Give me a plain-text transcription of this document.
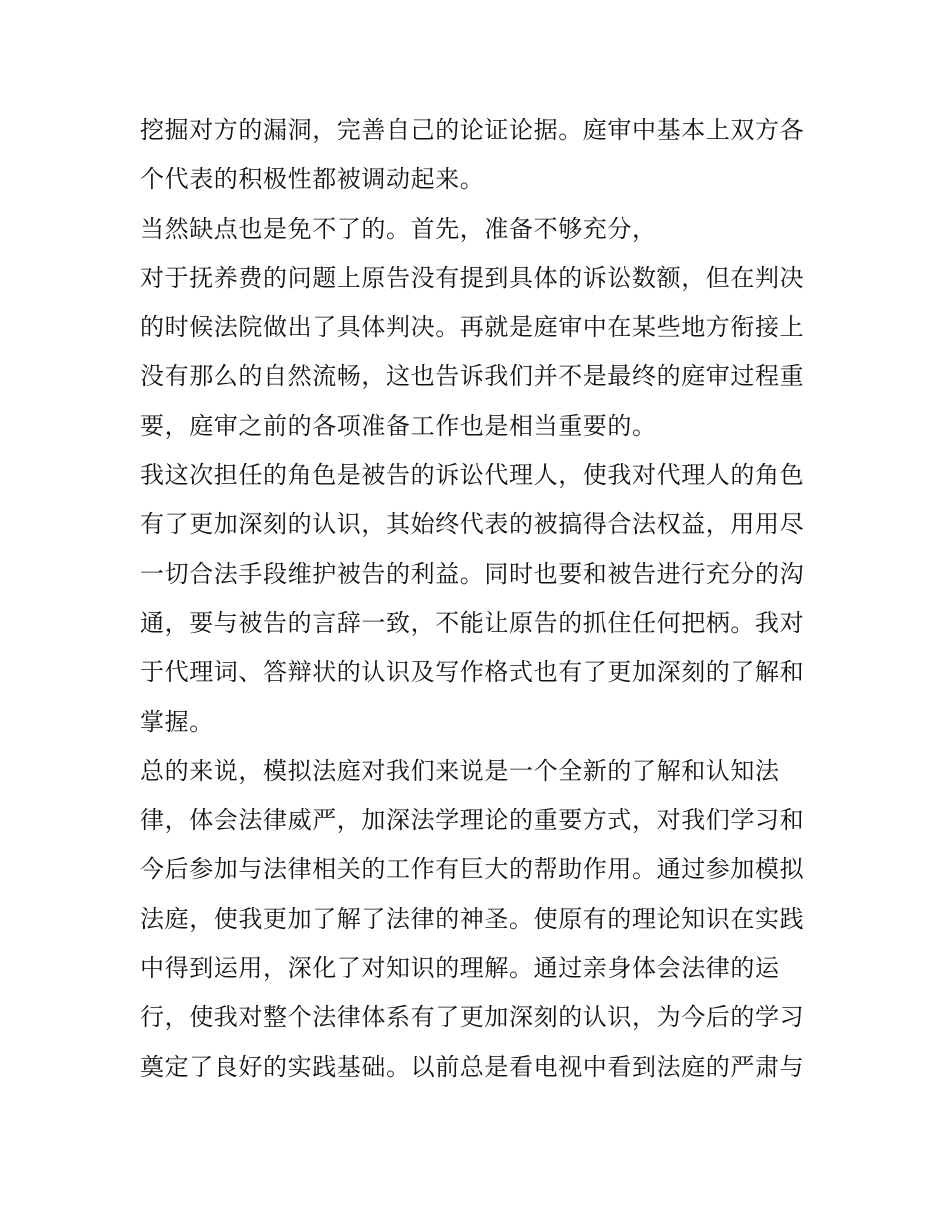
挖掘对方的漏洞，完善自己的论证论据。庭审中基本上双方各
个代表的积极性都被调动起来。
当然缺点也是免不了的。首先，准备不够充分，
对于抚养费的问题上原告没有提到具体的诉讼数额，但在判决
的时候法院做出了具体判决。再就是庭审中在某些地方衔接上
没有那么的自然流畅，这也告诉我们并不是最终的庭审过程重
要，庭审之前的各项准备工作也是相当重要的。
我这次担任的角色是被告的诉讼代理人，使我对代理人的角色
有了更加深刻的认识，其始终代表的被搞得合法权益，用用尽
一切合法手段维护被告的利益。同时也要和被告进行充分的沟
通，要与被告的言辞一致，不能让原告的抓住任何把柄。我对
于代理词、答辩状的认识及写作格式也有了更加深刻的了解和
掌握。
总的来说，模拟法庭对我们来说是一个全新的了解和认知法
律，体会法律威严，加深法学理论的重要方式，对我们学习和
今后参加与法律相关的工作有巨大的帮助作用。通过参加模拟
法庭，使我更加了解了法律的神圣。使原有的理论知识在实践
中得到运用，深化了对知识的理解。通过亲身体会法律的运
行，使我对整个法律体系有了更加深刻的认识，为今后的学习
奠定了良好的实践基础。以前总是看电视中看到法庭的严肃与
